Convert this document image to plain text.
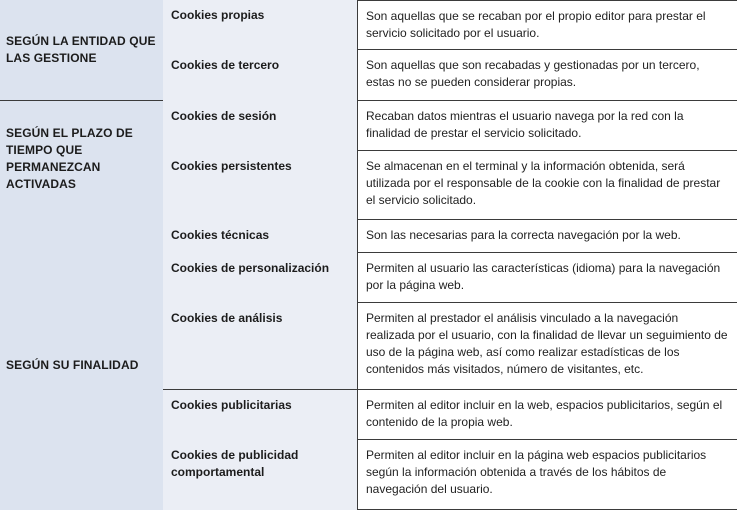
SEGÚN LA ENTIDAD QUE LAS GESTIONE
SEGÚN EL PLAZO DE TIEMPO QUE PERMANEZCAN ACTIVADAS
SEGÚN SU FINALIDAD
Cookies propias
Cookies de tercero
Cookies de sesión
Cookies persistentes
Cookies técnicas
Cookies de personalización
Cookies de análisis
Cookies publicitarias
Cookies de publicidad comportamental
Son aquellas que se recaban por el propio editor para prestar el servicio solicitado por el usuario.
Son aquellas que son recabadas y gestionadas por un tercero, estas no se pueden considerar propias.
Recaban datos mientras el usuario navega por la red con la finalidad de prestar el servicio solicitado.
Se almacenan en el terminal y la información obtenida, será utilizada por el responsable de la cookie con la finalidad de prestar el servicio solicitado.
Son las necesarias para la correcta navegación por la web.
Permiten al usuario las características (idioma) para la navegación por la página web.
Permiten al prestador el análisis vinculado a la navegación realizada por el usuario, con la finalidad de llevar un seguimiento de uso de la página web, así como realizar estadísticas de los contenidos más visitados, número de visitantes, etc.
Permiten al editor incluir en la web, espacios publicitarios, según el contenido de la propia web.
Permiten al editor incluir en la página web espacios publicitarios según la información obtenida a través de los hábitos de navegación del usuario.
